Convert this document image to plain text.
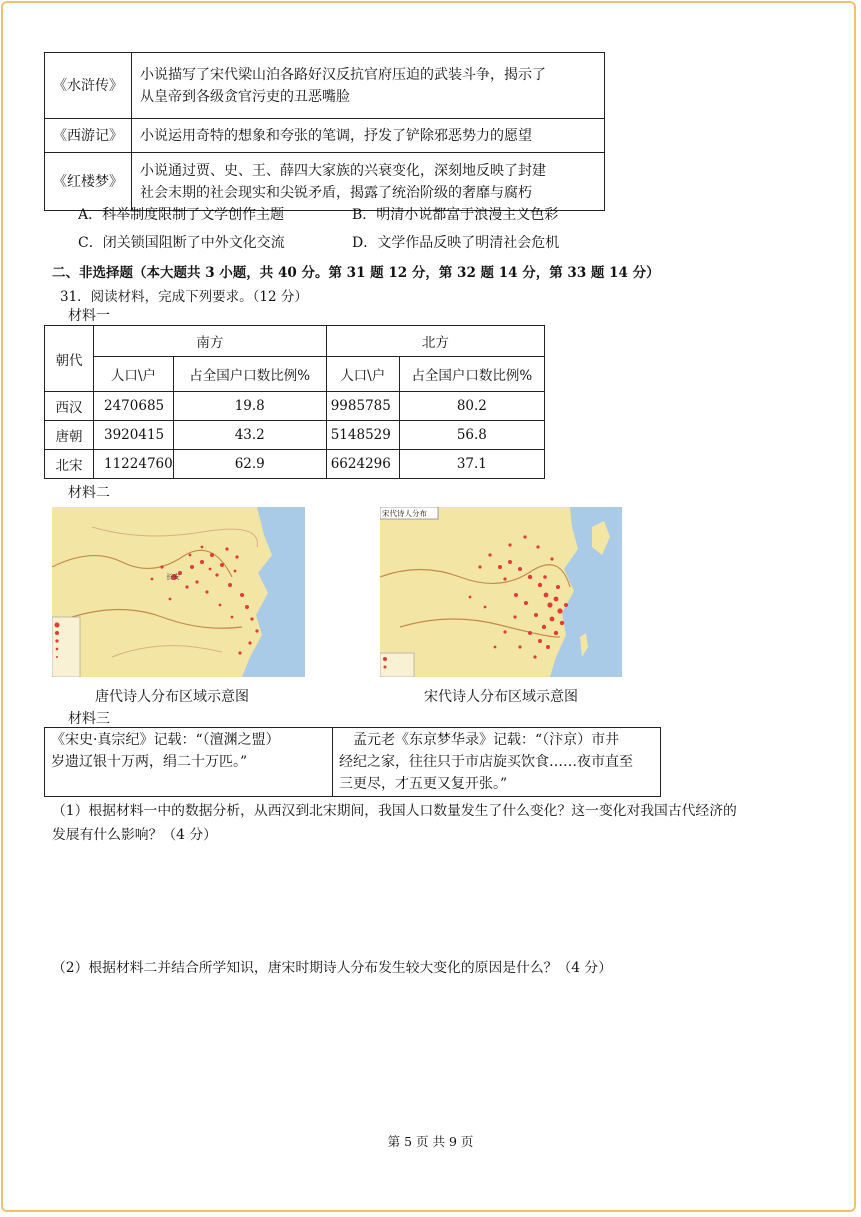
《水浒传》	小说描写了宋代梁山泊各路好汉反抗官府压迫的武装斗争，揭示了
从皇帝到各级贪官污吏的丑恶嘴脸

《西游记》	小说运用奇特的想象和夸张的笔调，抒发了铲除邪恶势力的愿望

《红楼梦》	小说通过贾、史、王、薛四大家族的兴衰变化，深刻地反映了封建
社会末期的社会现实和尖锐矛盾，揭露了统治阶级的奢靡与腐朽
A．科举制度限制了文学创作主题	B．明清小说都富于浪漫主义色彩
C．闭关锁国阻断了中外文化交流	D．文学作品反映了明清社会危机
二、非选择题（本大题共 3 小题，共 40 分。第 31 题 12 分，第 32 题 14 分，第 33 题 14 分）
31．阅读材料，完成下列要求。（12 分）
材料一
朝代	南方		北方	
	人口\户	占全国户口数比例%	人口\户	占全国户口数比例%
西汉	2470685	19.8	9985785	80.2
唐朝	3920415	43.2	5148529	56.8
北宋	11224760	62.9	6624296	37.1
材料二
长安
唐代诗人分布区域示意图
宋代诗人分布
宋代诗人分布区域示意图
材料三
《宋史·真宗纪》记载：“（澶渊之盟）
岁遗辽银十万两，绢二十万匹。”

　孟元老《东京梦华录》记载：“（汴京）市井
经纪之家，往往只于市店旋买饮食……夜市直至
三更尽，才五更又复开张。”
（1）根据材料一中的数据分析，从西汉到北宋期间，我国人口数量发生了什么变化？这一变化对我国古代经济的
发展有什么影响？（4 分）
（2）根据材料二并结合所学知识，唐宋时期诗人分布发生较大变化的原因是什么？（4 分）
第 5 页 共 9 页
